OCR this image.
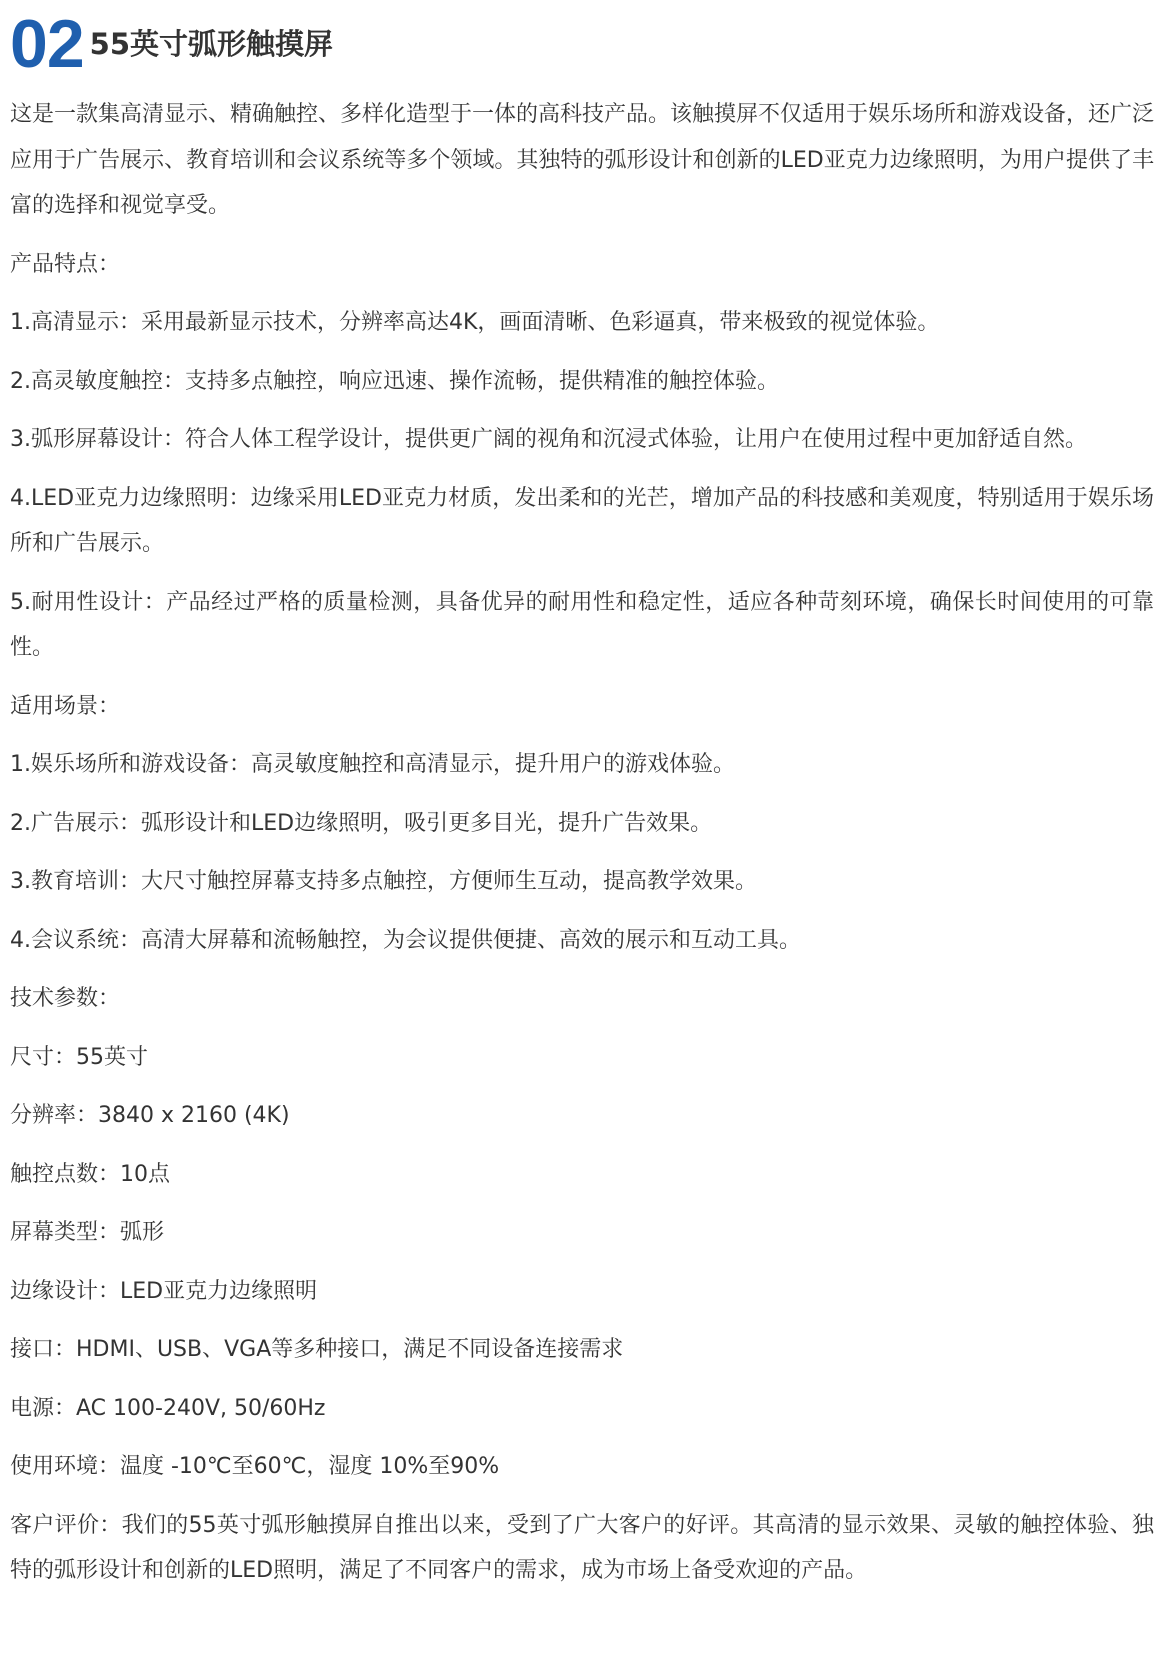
02 55英寸弧形触摸屏

这是一款集高清显示、精确触控、多样化造型于一体的高科技产品。该触摸屏不仅适用于娱乐场所和游戏设备，还广泛应用于广告展示、教育培训和会议系统等多个领域。其独特的弧形设计和创新的LED亚克力边缘照明，为用户提供了丰富的选择和视觉享受。

产品特点：

1.高清显示：采用最新显示技术，分辨率高达4K，画面清晰、色彩逼真，带来极致的视觉体验。

2.高灵敏度触控：支持多点触控，响应迅速、操作流畅，提供精准的触控体验。

3.弧形屏幕设计：符合人体工程学设计，提供更广阔的视角和沉浸式体验，让用户在使用过程中更加舒适自然。

4.LED亚克力边缘照明：边缘采用LED亚克力材质，发出柔和的光芒，增加产品的科技感和美观度，特别适用于娱乐场所和广告展示。

5.耐用性设计：产品经过严格的质量检测，具备优异的耐用性和稳定性，适应各种苛刻环境，确保长时间使用的可靠性。

适用场景：

1.娱乐场所和游戏设备：高灵敏度触控和高清显示，提升用户的游戏体验。

2.广告展示：弧形设计和LED边缘照明，吸引更多目光，提升广告效果。

3.教育培训：大尺寸触控屏幕支持多点触控，方便师生互动，提高教学效果。

4.会议系统：高清大屏幕和流畅触控，为会议提供便捷、高效的展示和互动工具。

技术参数：

尺寸：55英寸

分辨率：3840 x 2160 (4K)

触控点数：10点

屏幕类型：弧形

边缘设计：LED亚克力边缘照明

接口：HDMI、USB、VGA等多种接口，满足不同设备连接需求

电源：AC 100-240V, 50/60Hz

使用环境：温度 -10℃至60℃，湿度 10%至90%

客户评价：我们的55英寸弧形触摸屏自推出以来，受到了广大客户的好评。其高清的显示效果、灵敏的触控体验、独特的弧形设计和创新的LED照明，满足了不同客户的需求，成为市场上备受欢迎的产品。
